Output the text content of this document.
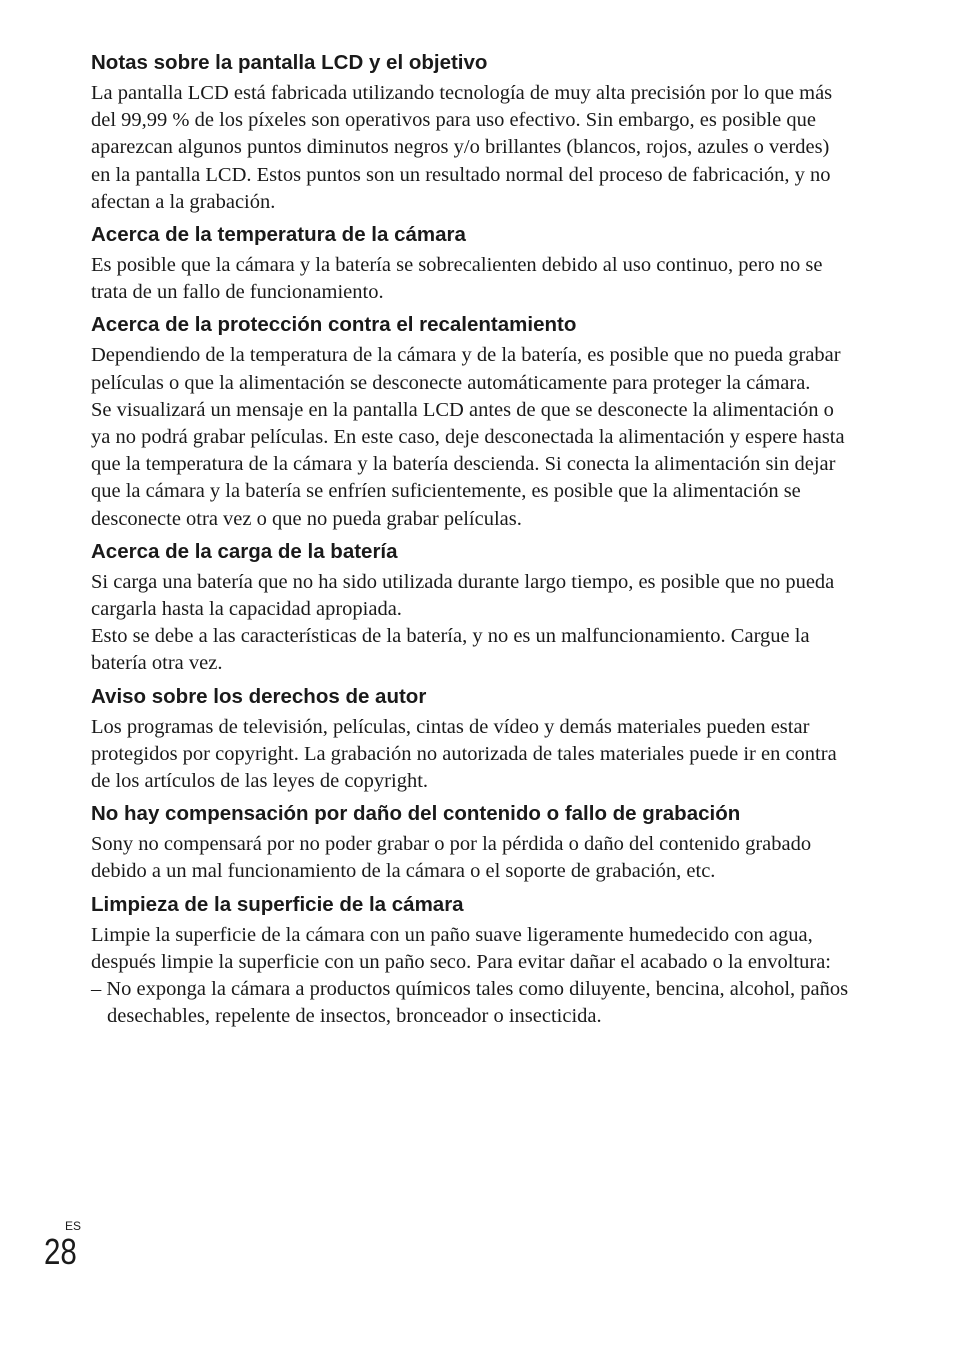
Notas sobre la pantalla LCD y el objetivo

La pantalla LCD está fabricada utilizando tecnología de muy alta precisión por lo que más del 99,99 % de los píxeles son operativos para uso efectivo. Sin embargo, es posible que aparezcan algunos puntos diminutos negros y/o brillantes (blancos, rojos, azules o verdes) en la pantalla LCD. Estos puntos son un resultado normal del proceso de fabricación, y no afectan a la grabación.

Acerca de la temperatura de la cámara

Es posible que la cámara y la batería se sobrecalienten debido al uso continuo, pero no se trata de un fallo de funcionamiento.

Acerca de la protección contra el recalentamiento

Dependiendo de la temperatura de la cámara y de la batería, es posible que no pueda grabar películas o que la alimentación se desconecte automáticamente para proteger la cámara.

Se visualizará un mensaje en la pantalla LCD antes de que se desconecte la alimentación o ya no podrá grabar películas. En este caso, deje desconectada la alimentación y espere hasta que la temperatura de la cámara y la batería descienda. Si conecta la alimentación sin dejar que la cámara y la batería se enfríen suficientemente, es posible que la alimentación se desconecte otra vez o que no pueda grabar películas.

Acerca de la carga de la batería

Si carga una batería que no ha sido utilizada durante largo tiempo, es posible que no pueda cargarla hasta la capacidad apropiada.

Esto se debe a las características de la batería, y no es un malfuncionamiento. Cargue la batería otra vez.

Aviso sobre los derechos de autor

Los programas de televisión, películas, cintas de vídeo y demás materiales pueden estar protegidos por copyright. La grabación no autorizada de tales materiales puede ir en contra de los artículos de las leyes de copyright.

No hay compensación por daño del contenido o fallo de grabación

Sony no compensará por no poder grabar o por la pérdida o daño del contenido grabado debido a un mal funcionamiento de la cámara o el soporte de grabación, etc.

Limpieza de la superficie de la cámara

Limpie la superficie de la cámara con un paño suave ligeramente humedecido con agua, después limpie la superficie con un paño seco. Para evitar dañar el acabado o la envoltura:

– No exponga la cámara a productos químicos tales como diluyente, bencina, alcohol, paños desechables, repelente de insectos, bronceador o insecticida.

ES
28
